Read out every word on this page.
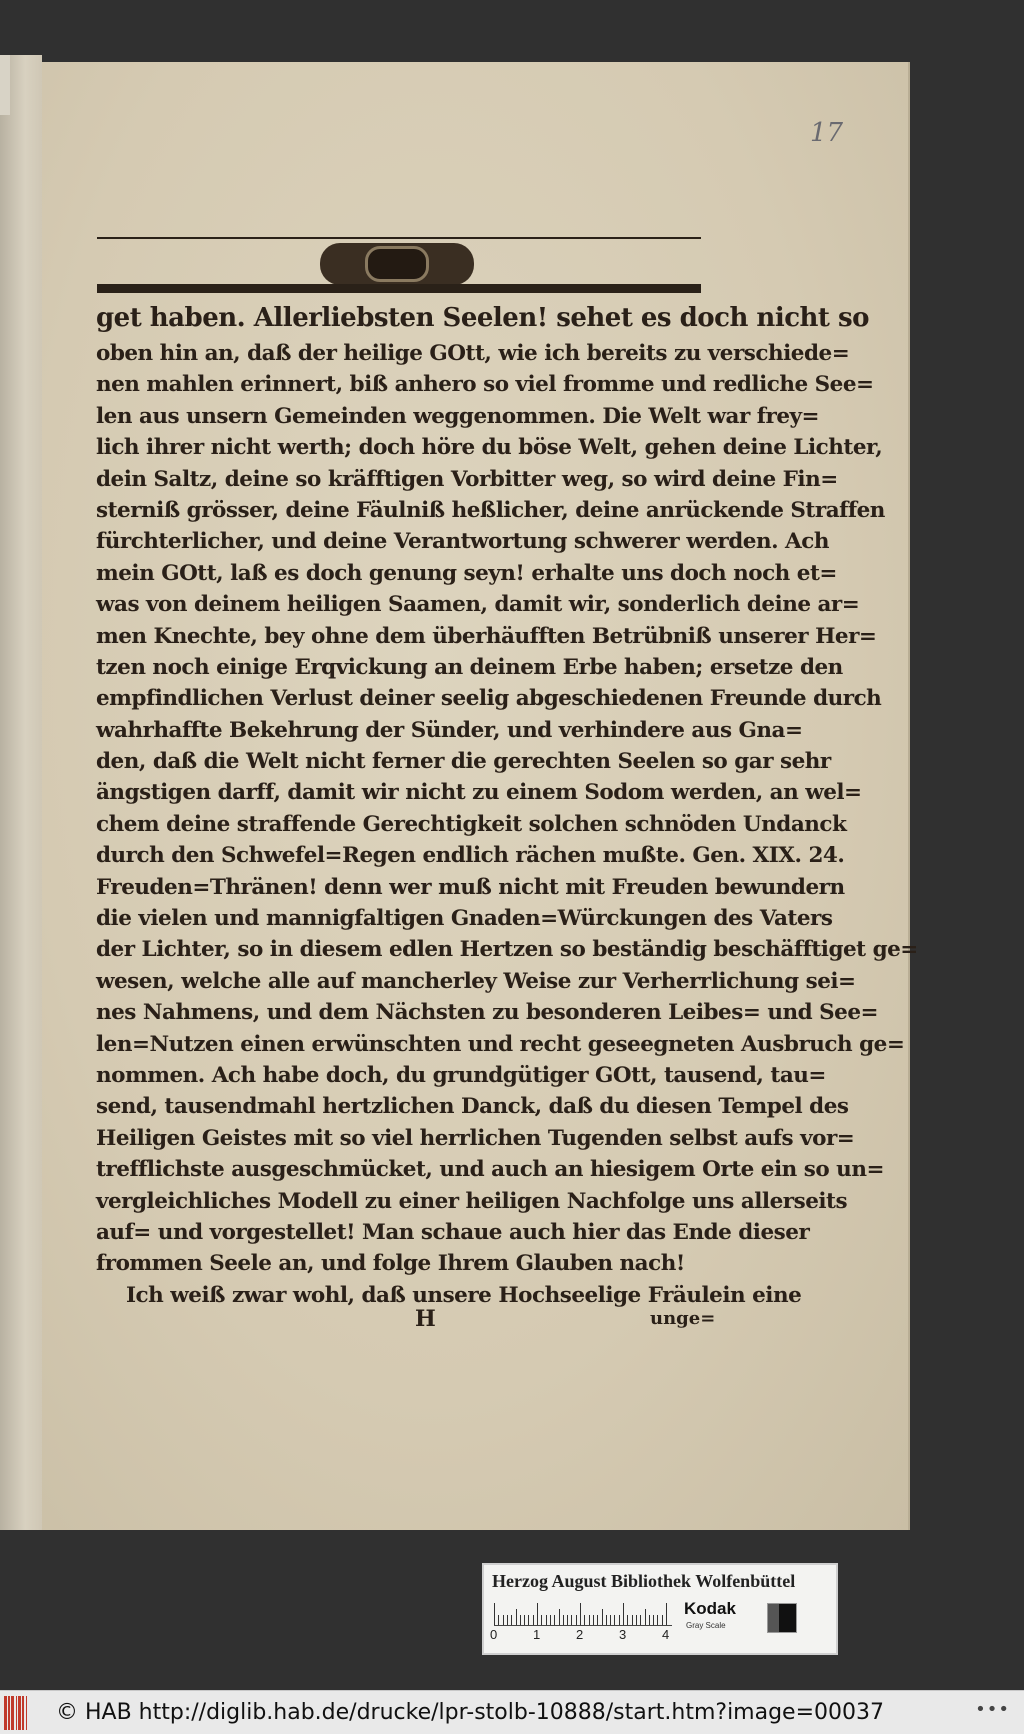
17
get haben. Allerliebsten Seelen! sehet es doch nicht so
oben hin an, daß der heilige GOtt, wie ich bereits zu verschiede=
nen mahlen erinnert, biß anhero so viel fromme und redliche See=
len aus unsern Gemeinden weggenommen. Die Welt war frey=
lich ihrer nicht werth; doch höre du böse Welt, gehen deine Lichter,
dein Saltz, deine so kräfftigen Vorbitter weg, so wird deine Fin=
sterniß grösser, deine Fäulniß heßlicher, deine anrückende Straffen
fürchterlicher, und deine Verantwortung schwerer werden. Ach
mein GOtt, laß es doch genung seyn! erhalte uns doch noch et=
was von deinem heiligen Saamen, damit wir, sonderlich deine ar=
men Knechte, bey ohne dem überhäufften Betrübniß unserer Her=
tzen noch einige Erqvickung an deinem Erbe haben; ersetze den
empfindlichen Verlust deiner seelig abgeschiedenen Freunde durch
wahrhaffte Bekehrung der Sünder, und verhindere aus Gna=
den, daß die Welt nicht ferner die gerechten Seelen so gar sehr
ängstigen darff, damit wir nicht zu einem Sodom werden, an wel=
chem deine straffende Gerechtigkeit solchen schnöden Undanck
durch den Schwefel=Regen endlich rächen mußte. Gen. XIX. 24.
Freuden=Thränen! denn wer muß nicht mit Freuden bewundern
die vielen und mannigfaltigen Gnaden=Würckungen des Vaters
der Lichter, so in diesem edlen Hertzen so beständig beschäfftiget ge=
wesen, welche alle auf mancherley Weise zur Verherrlichung sei=
nes Nahmens, und dem Nächsten zu besonderen Leibes= und See=
len=Nutzen einen erwünschten und recht geseegneten Ausbruch ge=
nommen. Ach habe doch, du grundgütiger GOtt, tausend, tau=
send, tausendmahl hertzlichen Danck, daß du diesen Tempel des
Heiligen Geistes mit so viel herrlichen Tugenden selbst aufs vor=
trefflichste ausgeschmücket, und auch an hiesigem Orte ein so un=
vergleichliches Modell zu einer heiligen Nachfolge uns allerseits
auf= und vorgestellet! Man schaue auch hier das Ende dieser
frommen Seele an, und folge Ihrem Glauben nach!
Ich weiß zwar wohl, daß unsere Hochseelige Fräulein eine
H	unge=
Herzog August Bibliothek Wolfenbüttel
0	1	2	3	4
Kodak
Gray Scale
© HAB http://diglib.hab.de/drucke/lpr-stolb-10888/start.htm?image=00037	•••
